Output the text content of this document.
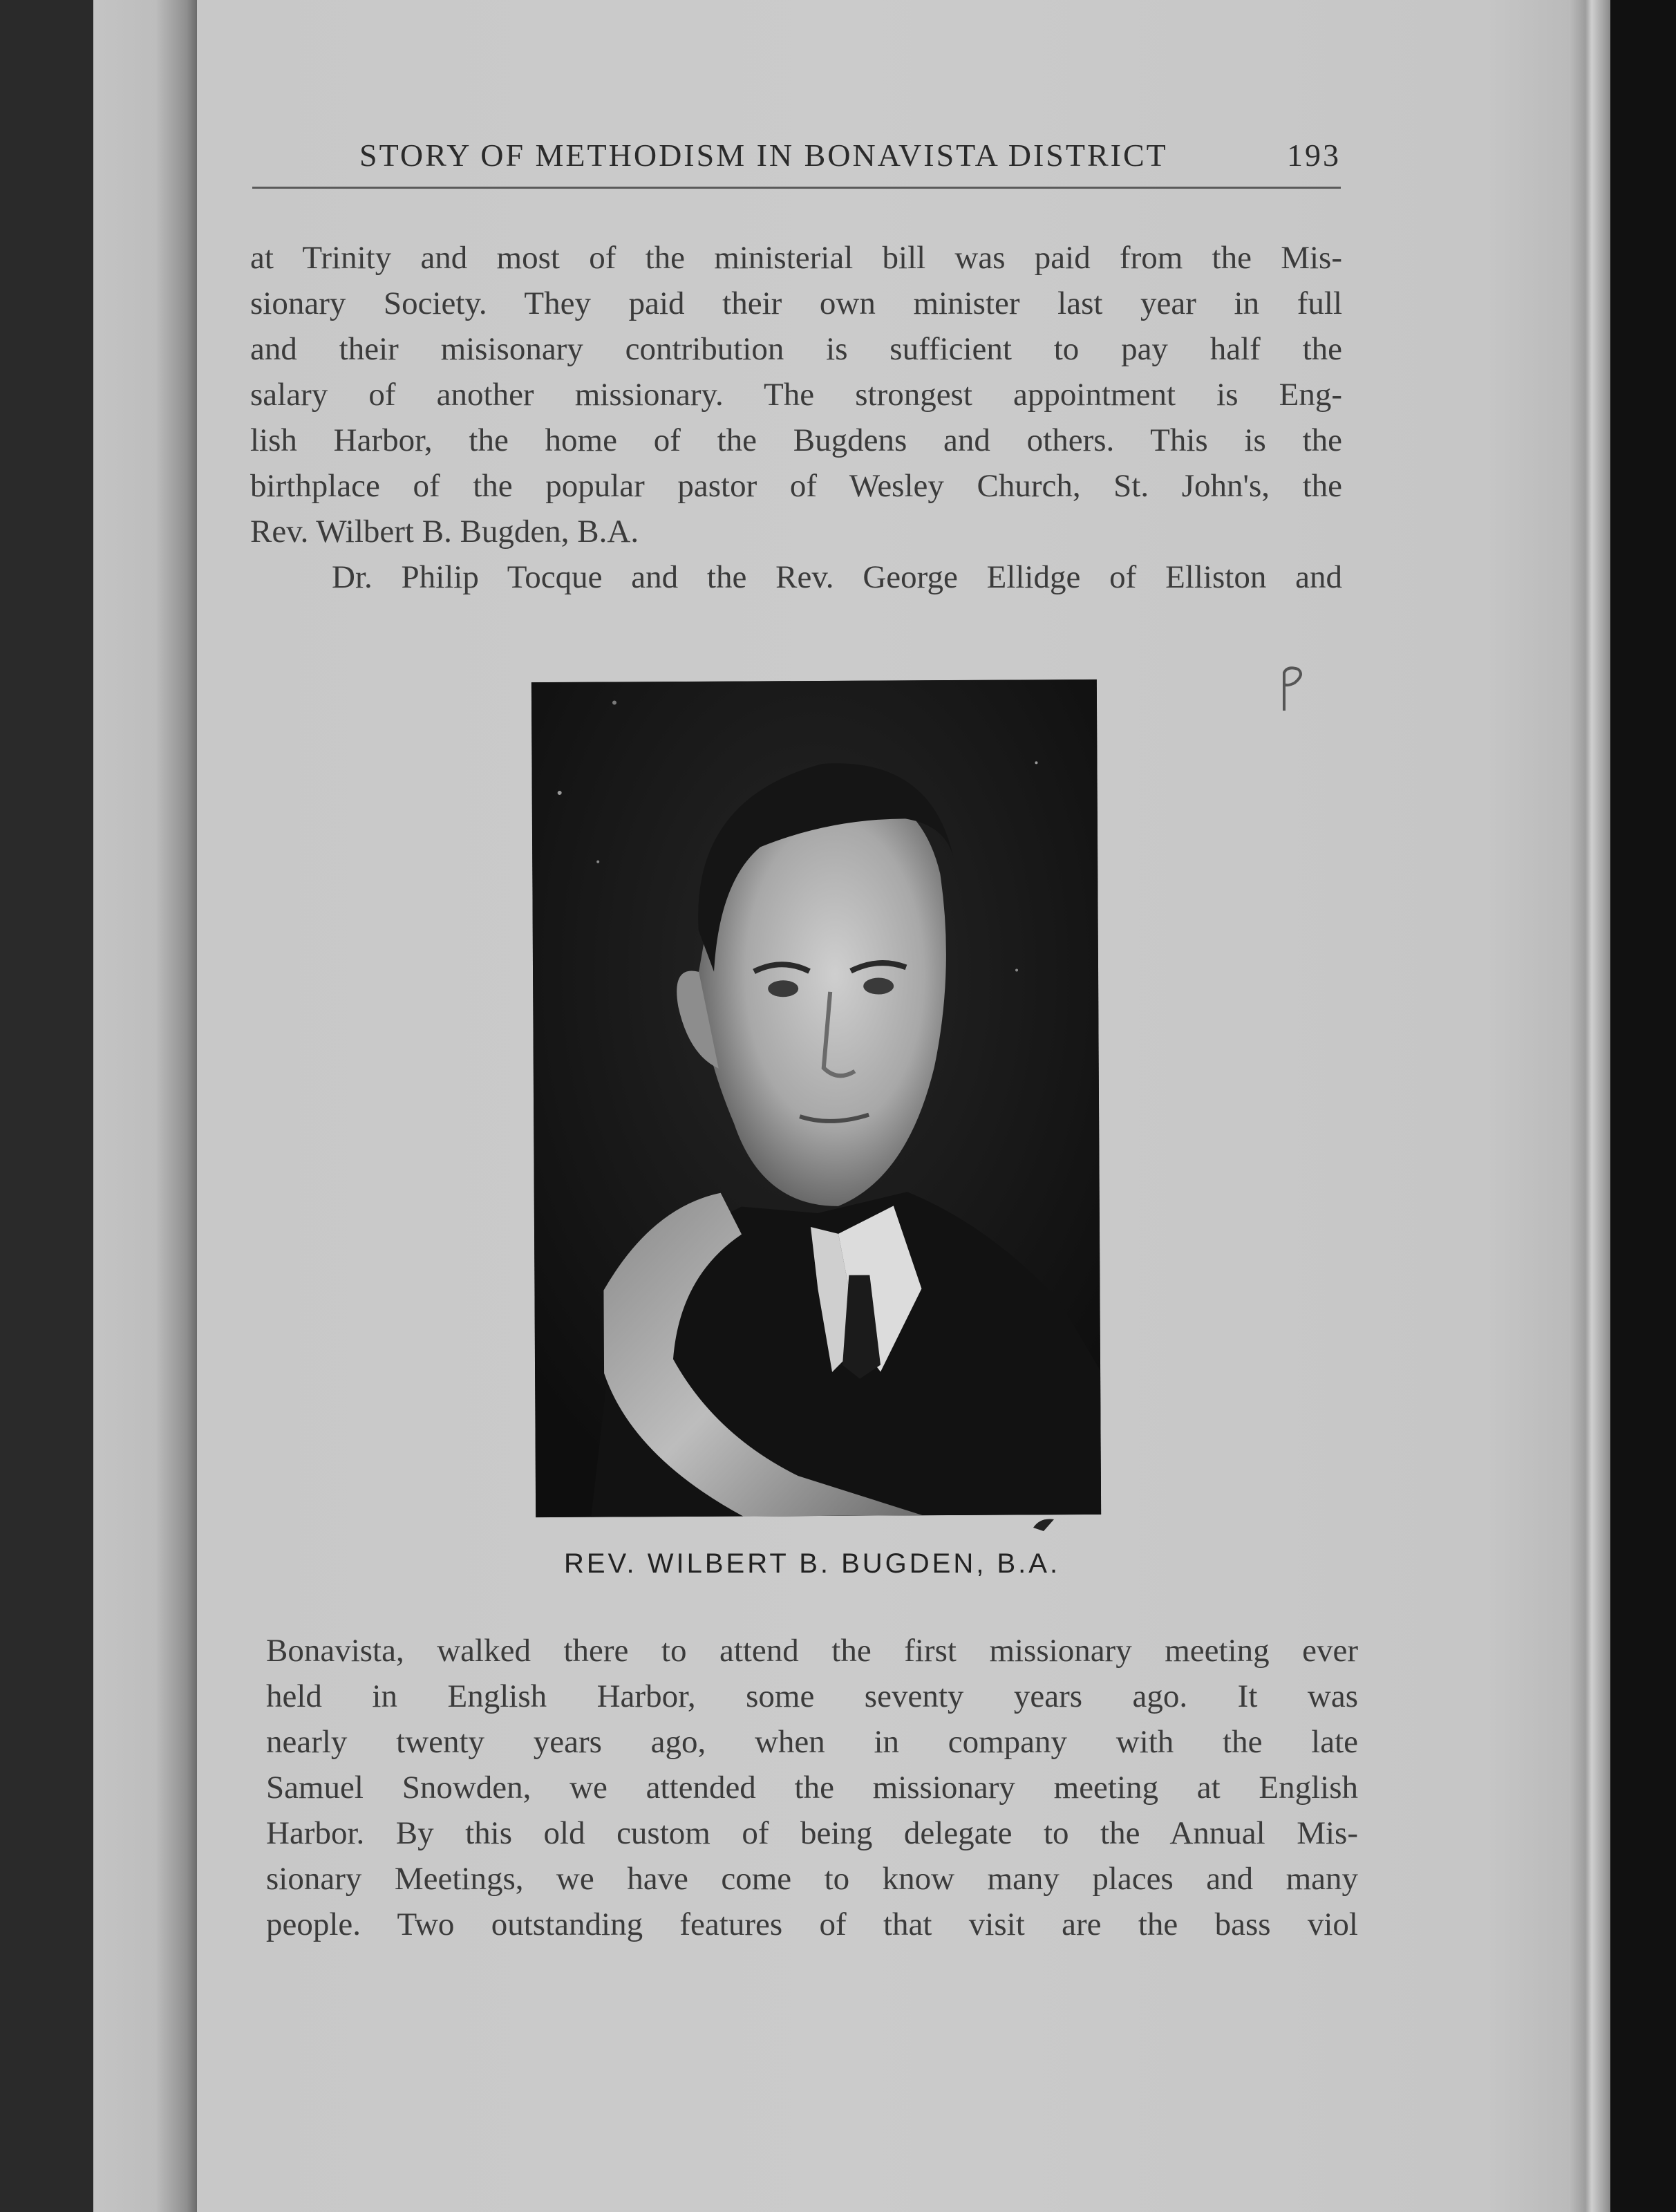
STORY OF METHODISM IN BONAVISTA DISTRICT	193
at Trinity and most of the ministerial bill was paid from the Mis-
sionary Society. They paid their own minister last year in full
and their misisonary contribution is sufficient to pay half the
salary of another missionary. The strongest appointment is Eng-
lish Harbor, the home of the Bugdens and others. This is the
birthplace of the popular pastor of Wesley Church, St. John's, the
Rev. Wilbert B. Bugden, B.A.
Dr. Philip Tocque and the Rev. George Ellidge of Elliston and
REV. WILBERT B. BUGDEN, B.A.
Bonavista, walked there to attend the first missionary meeting ever
held in English Harbor, some seventy years ago. It was
nearly twenty years ago, when in company with the late
Samuel Snowden, we attended the missionary meeting at English
Harbor. By this old custom of being delegate to the Annual Mis-
sionary Meetings, we have come to know many places and many
people. Two outstanding features of that visit are the bass viol
